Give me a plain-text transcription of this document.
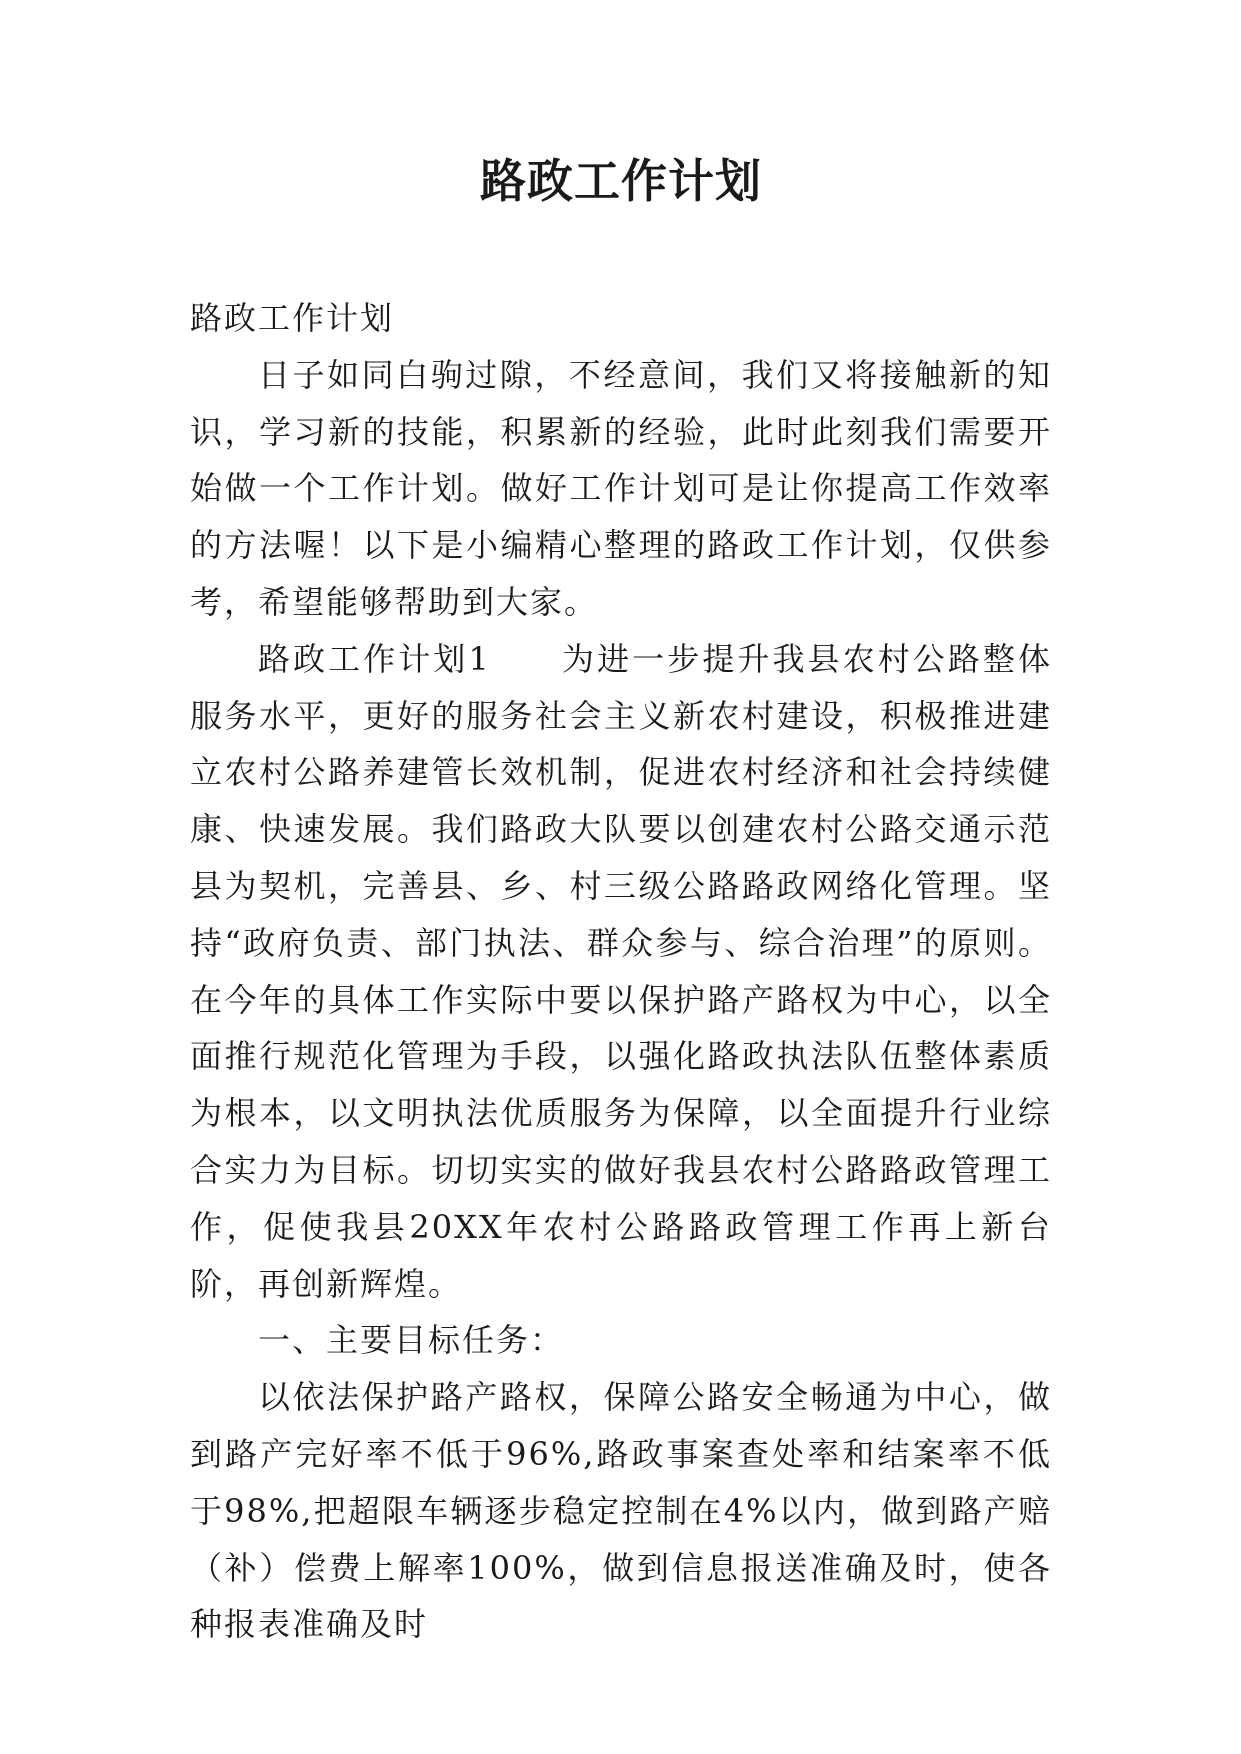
路政工作计划

路政工作计划

日子如同白驹过隙，不经意间，我们又将接触新的知识，学习新的技能，积累新的经验，此时此刻我们需要开始做一个工作计划。做好工作计划可是让你提高工作效率的方法喔！以下是小编精心整理的路政工作计划，仅供参考，希望能够帮助到大家。

路政工作计划1　　为进一步提升我县农村公路整体服务水平，更好的服务社会主义新农村建设，积极推进建立农村公路养建管长效机制，促进农村经济和社会持续健康、快速发展。我们路政大队要以创建农村公路交通示范县为契机，完善县、乡、村三级公路路政网络化管理。坚持“政府负责、部门执法、群众参与、综合治理”的原则。在今年的具体工作实际中要以保护路产路权为中心，以全面推行规范化管理为手段，以强化路政执法队伍整体素质为根本，以文明执法优质服务为保障，以全面提升行业综合实力为目标。切切实实的做好我县农村公路路政管理工作，促使我县20XX年农村公路路政管理工作再上新台阶，再创新辉煌。

一、主要目标任务：

以依法保护路产路权，保障公路安全畅通为中心，做到路产完好率不低于96%,路政事案查处率和结案率不低于98%,把超限车辆逐步稳定控制在4%以内，做到路产赔（补）偿费上解率100%，做到信息报送准确及时，使各种报表准确及时
